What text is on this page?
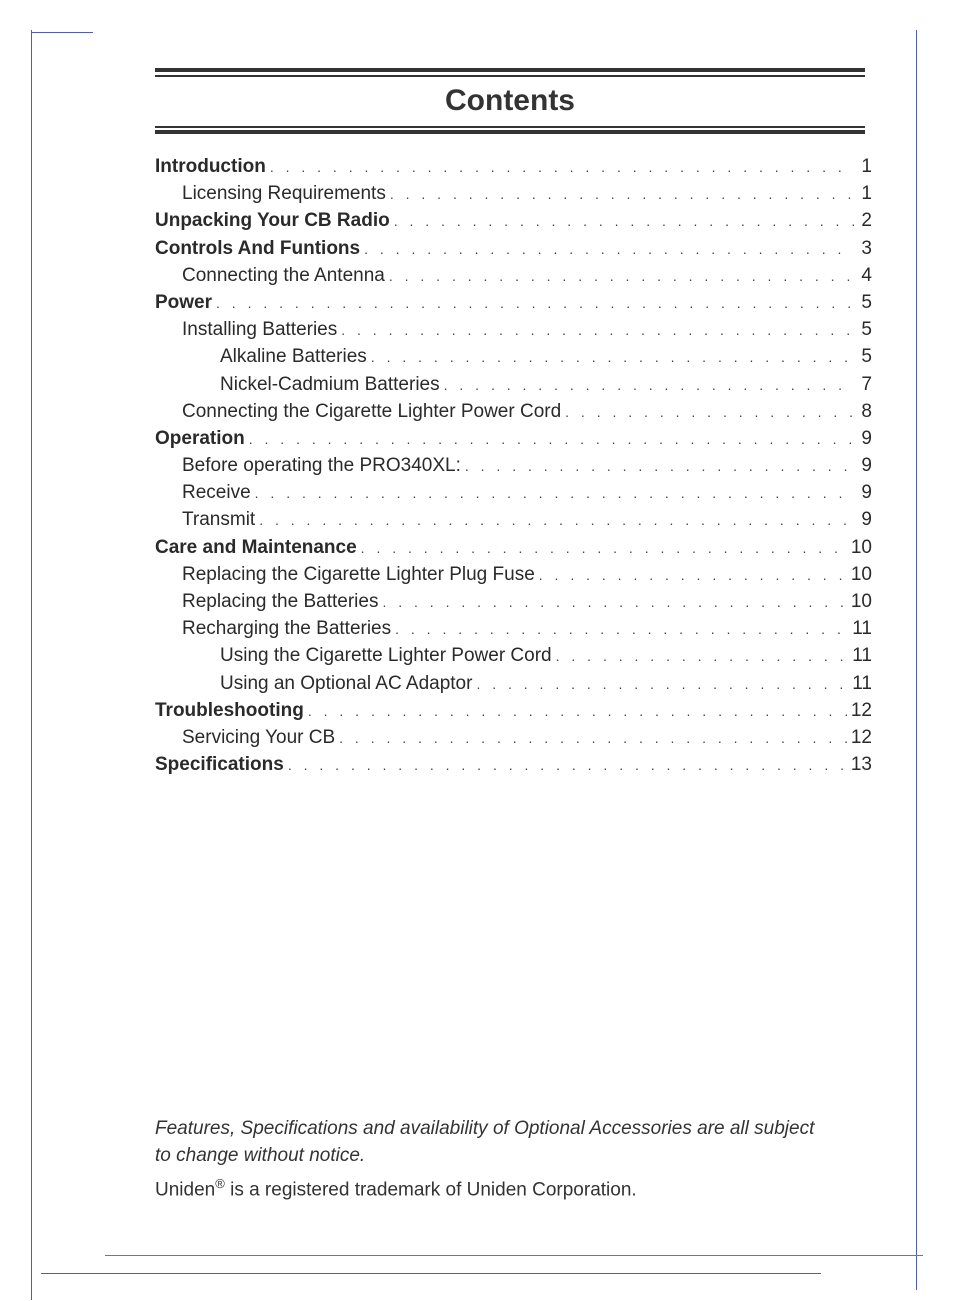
Contents
Introduction . . .	1
Licensing Requirements . . .	1
Unpacking Your CB Radio . . .	2
Controls And Funtions . . .	3
Connecting the Antenna . . .	4
Power . . .	5
Installing Batteries . . .	5
Alkaline Batteries . . .	5
Nickel-Cadmium Batteries . . .	7
Connecting the Cigarette Lighter Power Cord . . .	8
Operation . . .	9
Before operating the PRO340XL: . . .	9
Receive . . .	9
Transmit . . .	9
Care and Maintenance . . .	10
Replacing the Cigarette Lighter Plug Fuse . . .	10
Replacing the Batteries . . .	10
Recharging the Batteries . . .	11
Using the Cigarette Lighter Power Cord . . .	11
Using an Optional AC Adaptor . . .	11
Troubleshooting . . .	12
Servicing Your CB . . .	12
Specifications . . .	13
Features, Specifications and availability of Optional Accessories are all subject to change without notice.
Uniden® is a registered trademark of Uniden Corporation.
